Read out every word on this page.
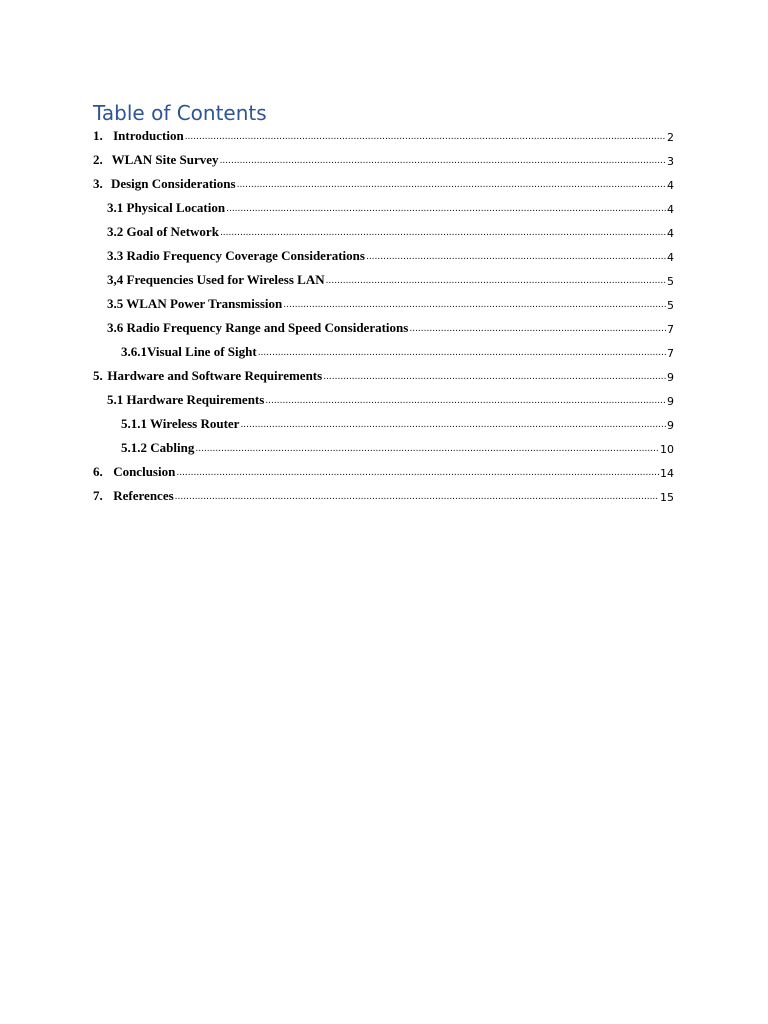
Table of Contents
1. Introduction .....	2
2. WLAN Site Survey .....	3
3. Design Considerations .....	4
3.1 Physical Location .....	4
3.2 Goal of Network .....	4
3.3 Radio Frequency Coverage Considerations .....	4
3,4 Frequencies Used for Wireless LAN .....	5
3.5 WLAN Power Transmission .....	5
3.6 Radio Frequency Range and Speed Considerations .....	7
3.6.1 Visual Line of Sight .....	7
5. Hardware and Software Requirements .....	9
5.1 Hardware Requirements .....	9
5.1.1 Wireless Router .....	9
5.1.2 Cabling .....	10
6. Conclusion .....	14
7. References .....	15
